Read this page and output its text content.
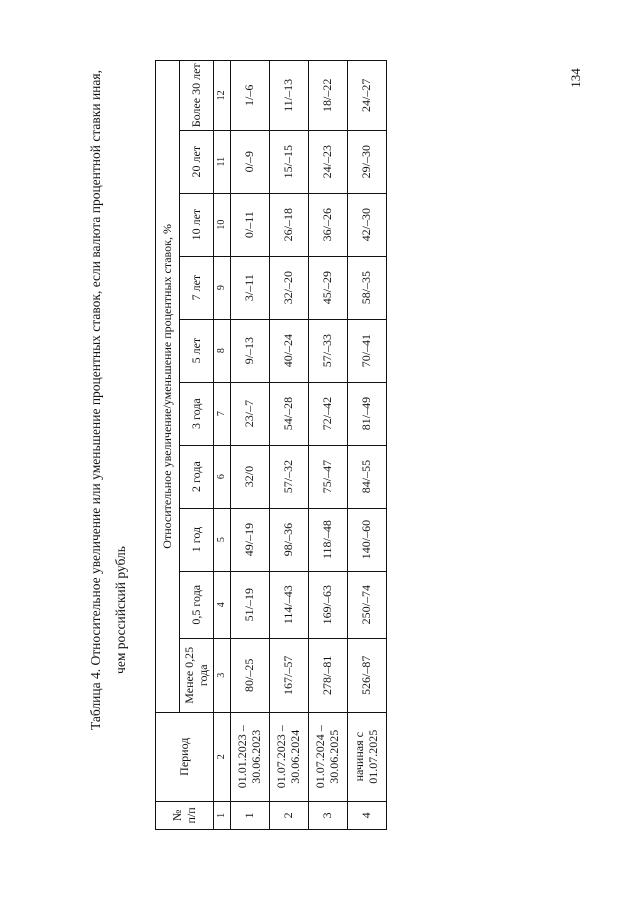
134
Таблица 4. Относительное увеличение или уменьшение процентных ставок, если валюта процентной ставки иная, чем российский рубль
№ п/п	Период	Относительное увеличение/уменьшение процентных ставок, %									
		Менее 0,25 года	0,5 года	1 год	2 года	3 года	5 лет	7 лет	10 лет	20 лет	Более 30 лет
1	2	3	4	5	6	7	8	9	10	11	12
1	01.01.2023 – 30.06.2023	80/–25	51/–19	49/–19	32/0	23/–7	9/–13	3/–11	0/–11	0/–9	1/–6
2	01.07.2023 – 30.06.2024	167/–57	114/–43	98/–36	57/–32	54/–28	40/–24	32/–20	26/–18	15/–15	11/–13
3	01.07.2024 – 30.06.2025	278/–81	169/–63	118/–48	75/–47	72/–42	57/–33	45/–29	36/–26	24/–23	18/–22
4	начиная с 01.07.2025	526/–87	250/–74	140/–60	84/–55	81/–49	70/–41	58/–35	42/–30	29/–30	24/–27
